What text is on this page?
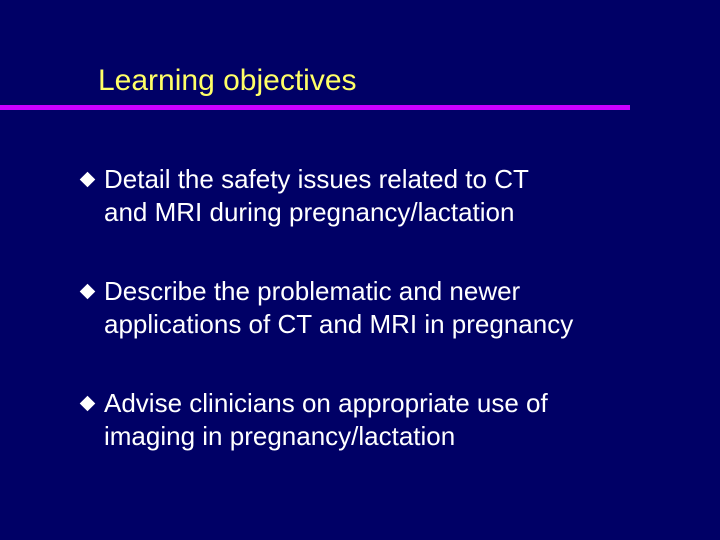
Learning objectives
Detail the safety issues related to CT
and MRI during pregnancy/lactation
Describe the problematic and newer
applications of CT and MRI in pregnancy
Advise clinicians on appropriate use of
imaging in pregnancy/lactation
